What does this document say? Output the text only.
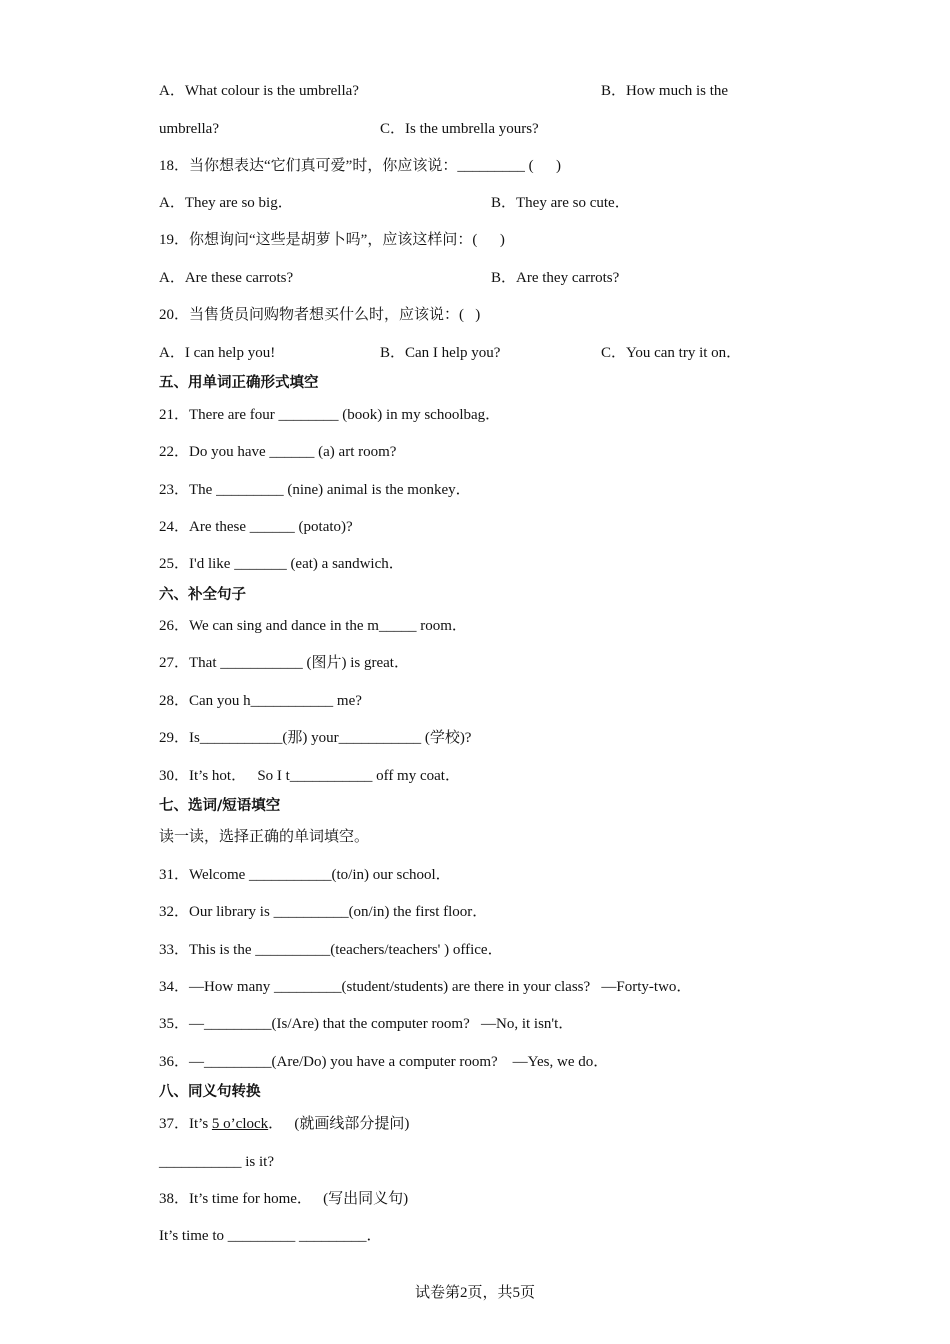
A．What colour is the umbrella?	B．How much is the
umbrella?	C．Is the umbrella yours?
18．当你想表达“它们真可爱”时，你应该说：_________ (      )
A．They are so big．	B．They are so cute．
19．你想询问“这些是胡萝卜吗”，应该这样问：(      )
A．Are these carrots?	B．Are they carrots?
20．当售货员问购物者想买什么时，应该说：(   )
A．I can help you!	B．Can I help you?	C．You can try it on．
五、用单词正确形式填空
21．There are four ________ (book) in my schoolbag．
22．Do you have ______ (a) art room?
23．The _________ (nine) animal is the monkey．
24．Are these ______ (potato)?
25．I'd like _______ (eat) a sandwich．
六、补全句子
26．We can sing and dance in the m_____ room．
27．That ___________ (图片) is great．
28．Can you h___________ me?
29．Is___________(那) your___________ (学校)?
30．It’s hot．   So I t___________ off my coat．
七、选词/短语填空
读一读，选择正确的单词填空。
31．Welcome ___________(to/in) our school．
32．Our library is __________(on/in) the first floor．
33．This is the __________(teachers/teachers' ) office．
34．—How many _________(student/students) are there in your class?   —Forty-two．
35．—_________(Is/Are) that the computer room?   —No, it isn't．
36．—_________(Are/Do) you have a computer room?    —Yes, we do．
八、同义句转换
37．It’s 5 o’clock．   (就画线部分提问)
___________ is it?
38．It’s time for home．   (写出同义句)
It’s time to _________ _________．
试卷第2页，共5页
